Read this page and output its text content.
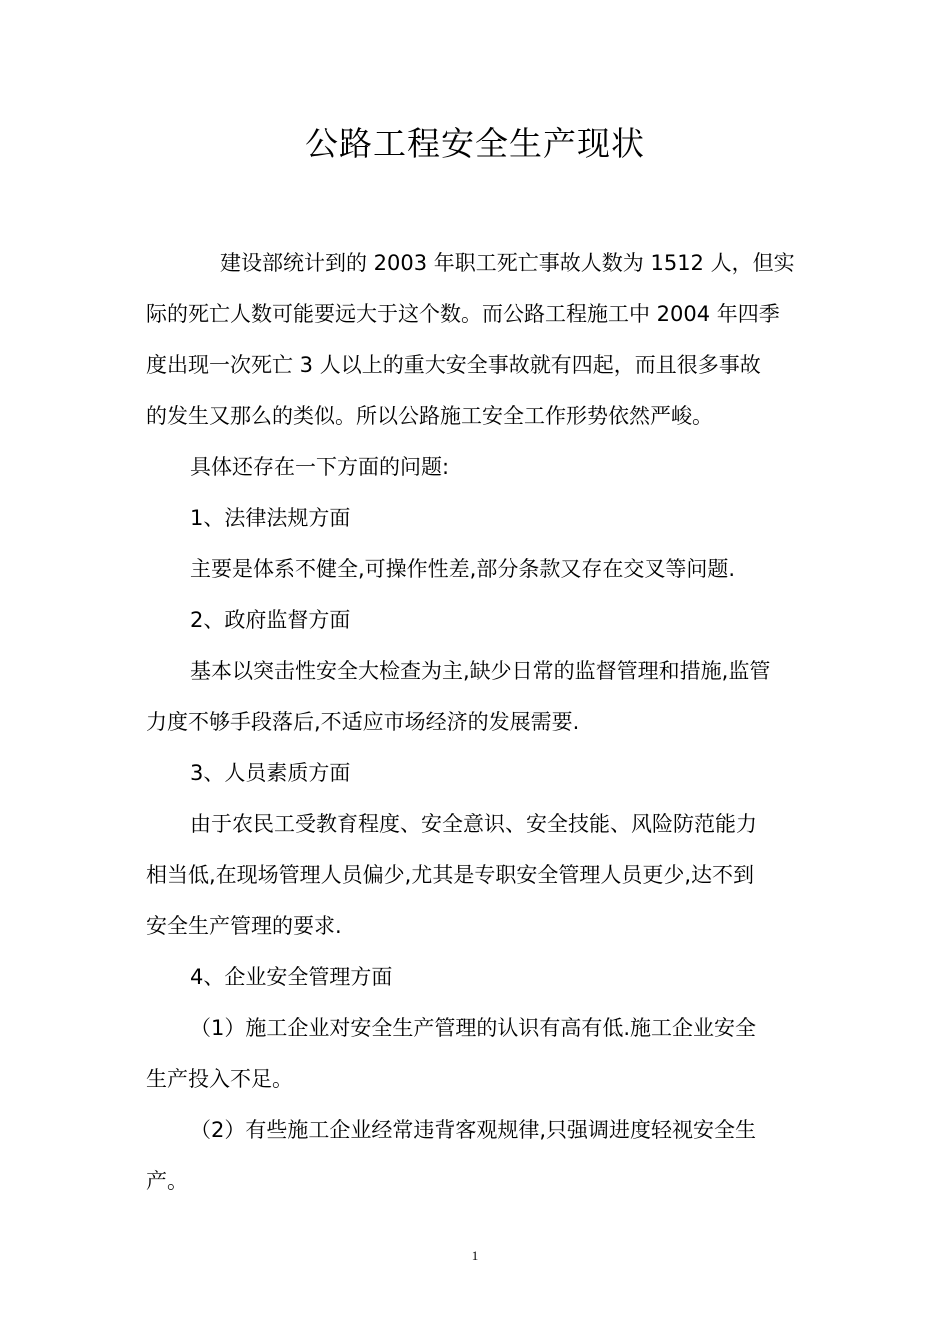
公路工程安全生产现状

建设部统计到的 2003 年职工死亡事故人数为 1512 人，但实

际的死亡人数可能要远大于这个数。而公路工程施工中 2004 年四季

度出现一次死亡 3 人以上的重大安全事故就有四起，而且很多事故

的发生又那么的类似。所以公路施工安全工作形势依然严峻。

具体还存在一下方面的问题:

1、法律法规方面

主要是体系不健全,可操作性差,部分条款又存在交叉等问题.

2、政府监督方面

基本以突击性安全大检查为主,缺少日常的监督管理和措施,监管

力度不够手段落后,不适应市场经济的发展需要.

3、人员素质方面

由于农民工受教育程度、安全意识、安全技能、风险防范能力

相当低,在现场管理人员偏少,尤其是专职安全管理人员更少,达不到

安全生产管理的要求.

4、企业安全管理方面

（1）施工企业对安全生产管理的认识有高有低.施工企业安全

生产投入不足。

（2）有些施工企业经常违背客观规律,只强调进度轻视安全生

产。

1
